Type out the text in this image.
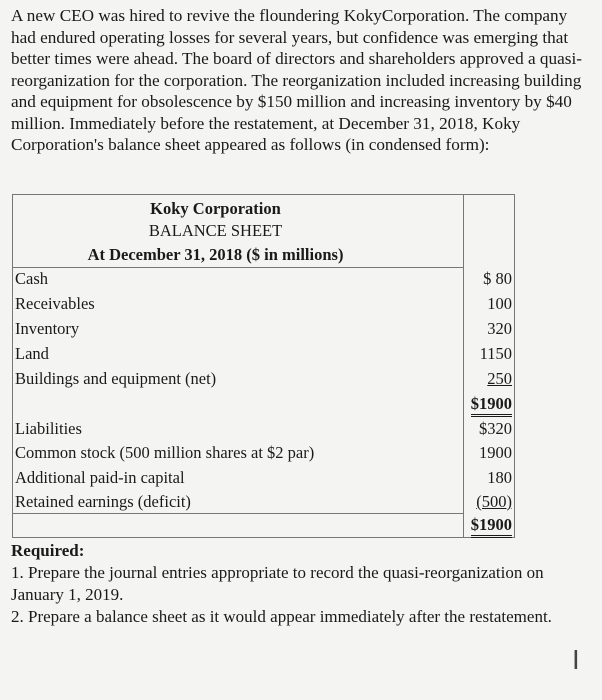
A new CEO was hired to revive the floundering KokyCorporation. The company had endured operating losses for several years, but confidence was emerging that better times were ahead. The board of directors and shareholders approved a quasi-reorganization for the corporation. The reorganization included increasing building and equipment for obsolescence by $150 million and increasing inventory by $40 million. Immediately before the restatement, at December 31, 2018, Koky Corporation's balance sheet appeared as follows (in condensed form):

Koky Corporation
BALANCE SHEET
At December 31, 2018 ($ in millions)
Cash	$ 80
Receivables	100
Inventory	320
Land	1150
Buildings and equipment (net)	250
$1900
Liabilities	$320
Common stock (500 million shares at $2 par)	1900
Additional paid-in capital	180
Retained earnings (deficit)	(500)
$1900

Required:

1. Prepare the journal entries appropriate to record the quasi-reorganization on January 1, 2019.

2. Prepare a balance sheet as it would appear immediately after the restatement.

I
